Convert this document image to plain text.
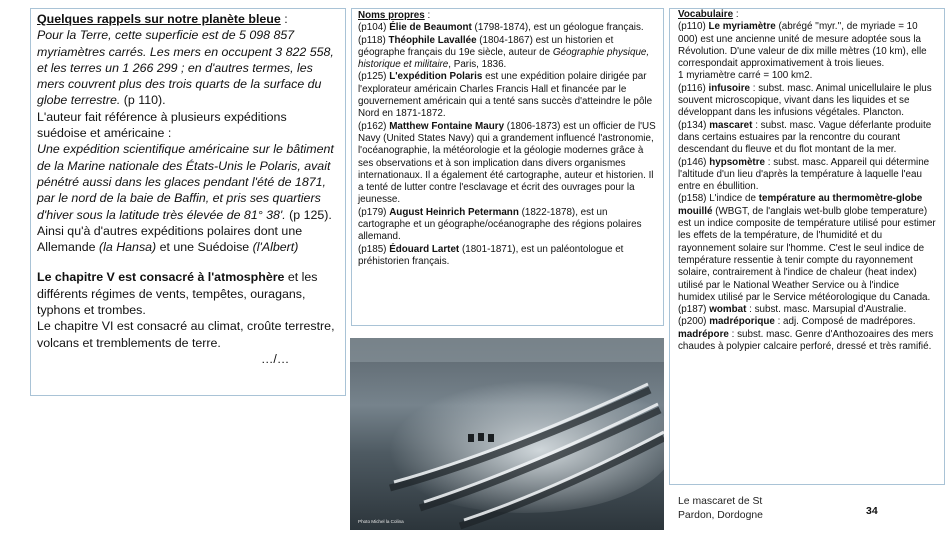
Quelques rappels sur notre planète bleue :

Pour la Terre, cette superficie est de 5 098 857 myriamètres carrés. Les mers en occupent 3 822 558, et les terres un 1 266 299 ; en d'autres termes, les mers couvrent plus des trois quarts de la surface du globe terrestre. (p 110).

L'auteur fait référence à plusieurs expéditions suédoise et américaine :

Une expédition scientifique américaine sur le bâtiment de la Marine nationale des États-Unis le Polaris, avait pénétré aussi dans les glaces pendant l'été de 1871, par le nord de la baie de Baffin, et pris ses quartiers d'hiver sous la latitude très élevée de 81° 38'. (p 125).

Ainsi qu'à d'autres expéditions polaires dont une Allemande (la Hansa) et une Suédoise (l'Albert)

Le chapitre V est consacré à l'atmosphère et les différents régimes de vents, tempêtes, ouragans, typhons et trombes.

Le chapitre VI est consacré au climat, croûte terrestre, volcans et tremblements de terre.

…/…

Noms propres :

(p104) Élie de Beaumont (1798-1874), est un géologue français.

(p118) Théophile Lavallée (1804-1867) est un historien et géographe français du 19e siècle, auteur de Géographie physique, historique et militaire, Paris, 1836.

(p125) L'expédition Polaris est une expédition polaire dirigée par l'explorateur américain Charles Francis Hall et financée par le gouvernement américain qui a tenté sans succès d'atteindre le pôle Nord en 1871-1872.

(p162) Matthew Fontaine Maury (1806-1873) est un officier de l'US Navy (United States Navy) qui a grandement influencé l'astronomie, l'océanographie, la météorologie et la géologie modernes grâce à ses observations et à son implication dans divers organismes internationaux. Il a également été cartographe, auteur et historien. Il a tenté de lutter contre l'esclavage et écrit des ouvrages pour la jeunesse.

(p179) August Heinrich Petermann (1822-1878), est un cartographe et un géographe/océanographe des régions polaires allemand.

(p185) Édouard Lartet (1801-1871), est un paléontologue et préhistorien français.

Vocabulaire :

(p110) Le myriamètre (abrégé ''myr.'', de myriade = 10 000) est une ancienne unité de mesure adoptée sous la Révolution. D'une valeur de dix mille mètres (10 km), elle correspondait approximativement à trois lieues.

1 myriamètre carré = 100 km2.

(p116) infusoire : subst. masc. Animal unicellulaire le plus souvent microscopique, vivant dans les liquides et se développant dans les infusions végétales. Plancton.

(p134) mascaret : subst. masc. Vague déferlante produite dans certains estuaires par la rencontre du courant descendant du fleuve et du flot montant de la mer.

(p146) hypsomètre : subst. masc. Appareil qui détermine l'altitude d'un lieu d'après la température à laquelle l'eau entre en ébullition.

(p158) L'indice de température au thermomètre-globe mouillé (WBGT, de l'anglais wet-bulb globe temperature) est un indice composite de température utilisé pour estimer les effets de la température, de l'humidité et du rayonnement solaire sur l'homme. C'est le seul indice de température ressentie à tenir compte du rayonnement solaire, contrairement à l'indice de chaleur (heat index) utilisé par le National Weather Service ou à l'indice humidex utilisé par le Service météorologique du Canada.

(p187) wombat : subst. masc. Marsupial d'Australie.

(p200) madréporique : adj. Composé de madrépores.

madrépore : subst. masc. Genre d'Anthozoaires des mers chaudes à polypier calcaire perforé, dressé et très ramifié.

Photo Michel la Colina
Le mascaret de St
Pardon, Dordogne	34
